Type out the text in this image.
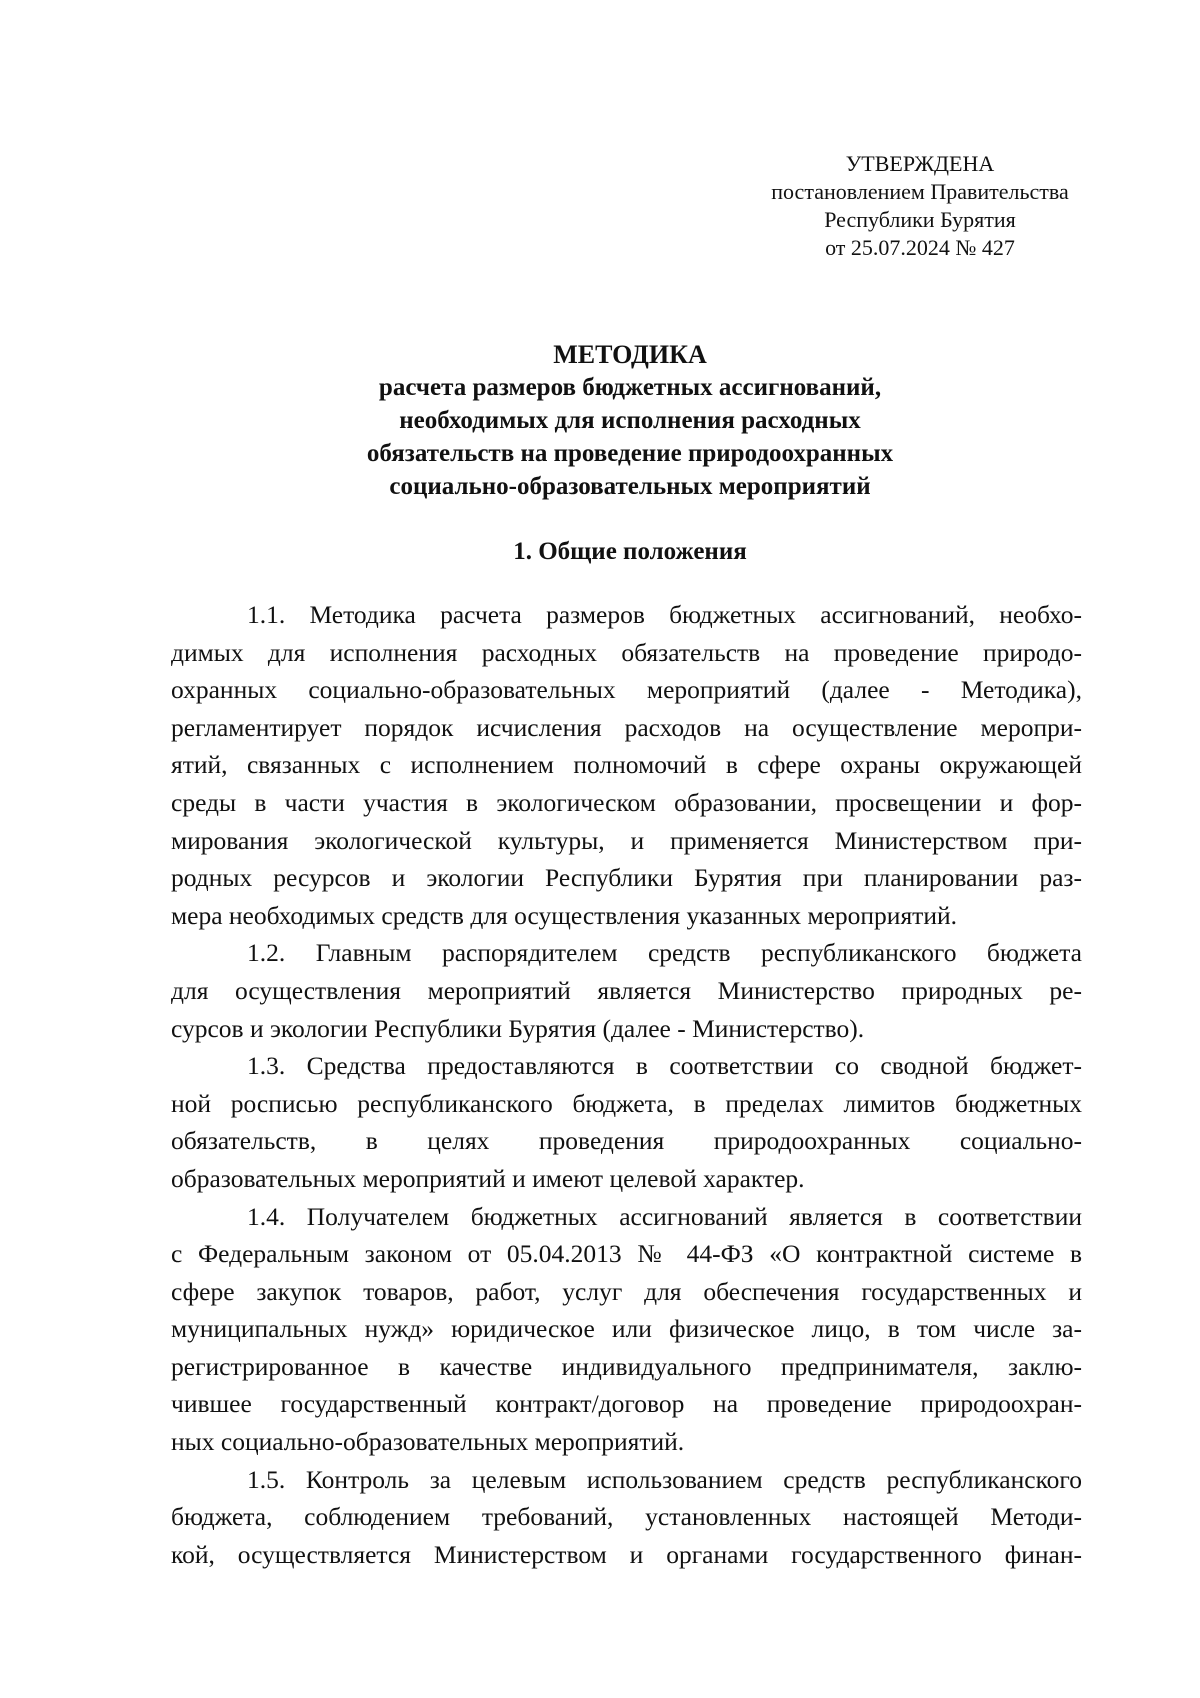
УТВЕРЖДЕНА
постановлением Правительства
Республики Бурятия
от 25.07.2024 № 427
МЕТОДИКА
расчета размеров бюджетных ассигнований,
необходимых для исполнения расходных
обязательств на проведение природоохранных
социально-образовательных мероприятий
1. Общие положения
1.1. Методика расчета размеров бюджетных ассигнований, необхо-
димых для исполнения расходных обязательств на проведение природо-
охранных социально-образовательных мероприятий (далее - Методика),
регламентирует порядок исчисления расходов на осуществление меропри-
ятий, связанных с исполнением полномочий в сфере охраны окружающей
среды в части участия в экологическом образовании, просвещении и фор-
мирования экологической культуры, и применяется Министерством при-
родных ресурсов и экологии Республики Бурятия при планировании раз-
мера необходимых средств для осуществления указанных мероприятий.
1.2. Главным распорядителем средств республиканского бюджета
для осуществления мероприятий является Министерство природных ре-
сурсов и экологии Республики Бурятия (далее - Министерство).
1.3. Средства предоставляются в соответствии со сводной бюджет-
ной росписью республиканского бюджета, в пределах лимитов бюджетных
обязательств, в целях проведения природоохранных социально-
образовательных мероприятий и имеют целевой характер.
1.4. Получателем бюджетных ассигнований является в соответствии
с Федеральным законом от 05.04.2013 № 44-ФЗ «О контрактной системе в
сфере закупок товаров, работ, услуг для обеспечения государственных и
муниципальных нужд» юридическое или физическое лицо, в том числе за-
регистрированное в качестве индивидуального предпринимателя, заклю-
чившее государственный контракт/договор на проведение природоохран-
ных социально-образовательных мероприятий.
1.5. Контроль за целевым использованием средств республиканского
бюджета, соблюдением требований, установленных настоящей Методи-
кой, осуществляется Министерством и органами государственного финан-
